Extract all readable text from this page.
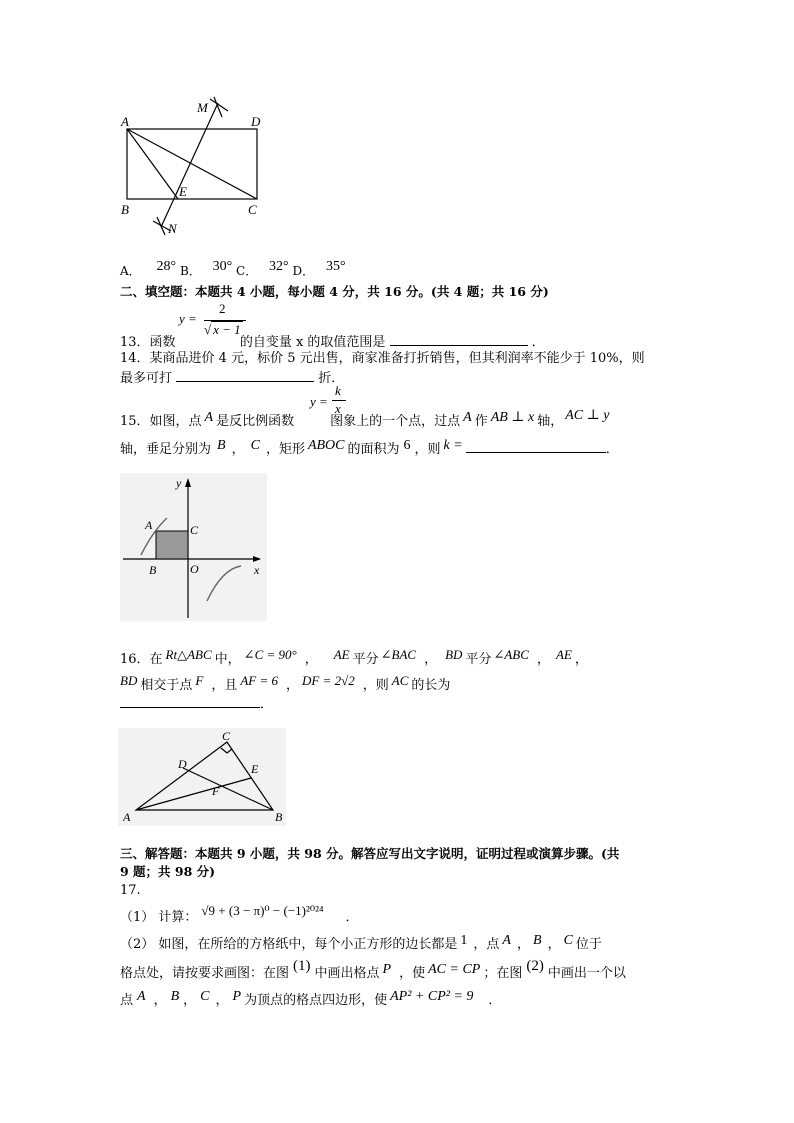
A	D
B	C
M
N
E
A． 28° B． 30° C． 32° D． 35°
二、填空题：本题共 4 小题，每小题 4 分，共 16 分。(共 4 题；共 16 分)
y =
2
√ x − 1
13．函数	的自变量 x 的取值范围是	．
14．某商品进价 4 元，标价 5 元出售，商家准备打折销售，但其利润率不能少于 10%，则
最多可打	折．
y =
k
x
15．如图，点 A 是反比例函数	图象上的一个点，过点 A 作 AB ⊥ x 轴， AC ⊥ y
轴，垂足分别为 B ， C ，矩形 ABOC 的面积为 6 ，则 k =	．
y
x
A	C
B	O
16．在 Rt△ABC 中， ∠C = 90° ， AE 平分 ∠BAC ， BD 平分 ∠ABC ， AE ，
BD 相交于点 F ，且 AF = 6 ， DF = 2√2 ，则 AC 的长为
．
C
D	E
F
A	B
三、解答题：本题共 9 小题，共 98 分。解答应写出文字说明，证明过程或演算步骤。(共
9 题；共 98 分)
17.
（1） 计算： √9 + (3 − π)⁰ − (−1)²⁰²⁴ ．
（2） 如图，在所给的方格纸中，每个小正方形的边长都是 1 ，点 A ， B ， C 位于
格点处，请按要求画图：在图 (1) 中画出格点 P ，使 AC = CP ；在图 (2) 中画出一个以
点 A ， B ， C ， P 为顶点的格点四边形，使 AP² + CP² = 9 ．
